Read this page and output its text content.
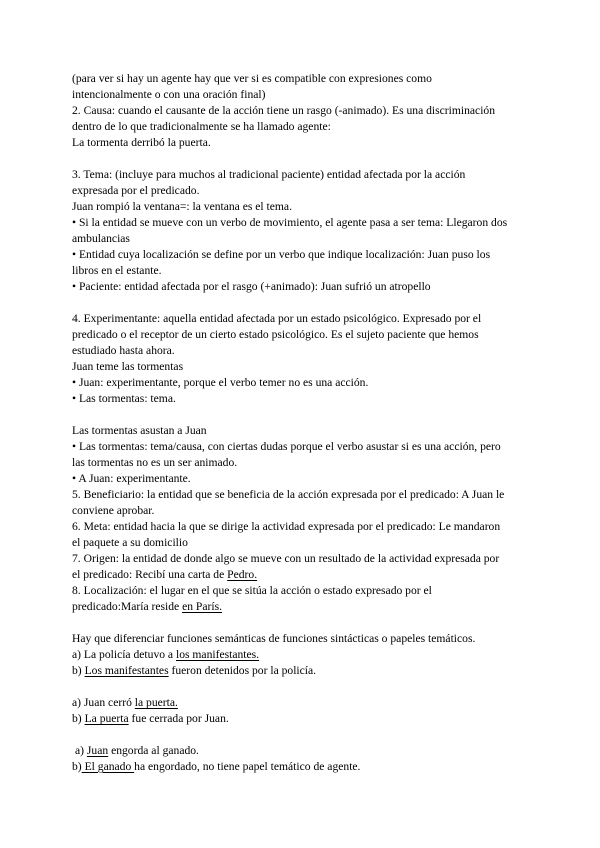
(para ver si hay un agente hay que ver si es compatible con expresiones como
intencionalmente o con una oración final)
2. Causa: cuando el causante de la acción tiene un rasgo (-animado). Es una discriminación
dentro de lo que tradicionalmente se ha llamado agente:
La tormenta derribó la puerta.
3. Tema: (incluye para muchos al tradicional paciente) entidad afectada por la acción
expresada por el predicado.
Juan rompió la ventana=: la ventana es el tema.
• Si la entidad se mueve con un verbo de movimiento, el agente pasa a ser tema: Llegaron dos
ambulancias
• Entidad cuya localización se define por un verbo que indique localización: Juan puso los
libros en el estante.
• Paciente: entidad afectada por el rasgo (+animado): Juan sufrió un atropello
4. Experimentante: aquella entidad afectada por un estado psicológico. Expresado por el
predicado o el receptor de un cierto estado psicológico. Es el sujeto paciente que hemos
estudiado hasta ahora.
Juan teme las tormentas
• Juan: experimentante, porque el verbo temer no es una acción.
• Las tormentas: tema.
Las tormentas asustan a Juan
• Las tormentas: tema/causa, con ciertas dudas porque el verbo asustar si es una acción, pero
las tormentas no es un ser animado.
• A Juan: experimentante.
5. Beneficiario: la entidad que se beneficia de la acción expresada por el predicado: A Juan le
conviene aprobar.
6. Meta: entidad hacia la que se dirige la actividad expresada por el predicado: Le mandaron
el paquete a su domicilio
7. Origen: la entidad de donde algo se mueve con un resultado de la actividad expresada por
el predicado: Recibí una carta de Pedro.
8. Localización: el lugar en el que se sitúa la acción o estado expresado por el
predicado:María reside en París.
Hay que diferenciar funciones semánticas de funciones sintácticas o papeles temáticos.
a) La policía detuvo a los manifestantes.
b) Los manifestantes fueron detenidos por la policía.
a) Juan cerró la puerta.
b) La puerta fue cerrada por Juan.
a) Juan engorda al ganado.
b) El ganado ha engordado, no tiene papel temático de agente.
